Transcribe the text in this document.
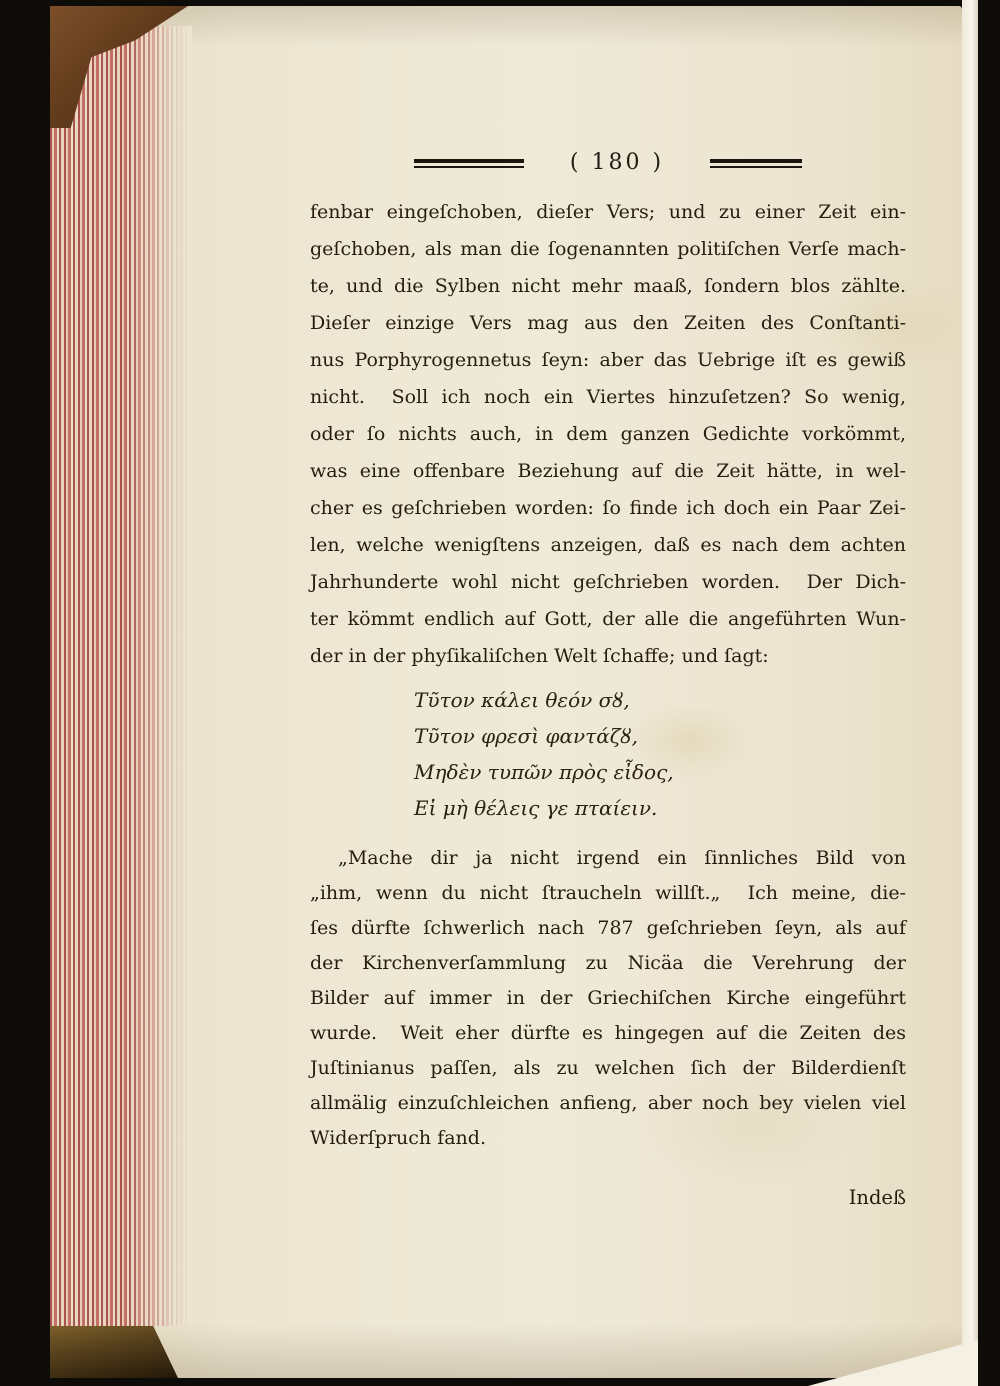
( 180 )
fenbar eingeſchoben, dieſer Vers; und zu einer Zeit ein-
geſchoben, als man die ſogenannten politiſchen Verſe mach-
te, und die Sylben nicht mehr maaß, ſondern blos zählte.
Dieſer einzige Vers mag aus den Zeiten des Conſtanti-
nus Porphyrogennetus ſeyn: aber das Uebrige iſt es gewiß
nicht.  Soll ich noch ein Viertes hinzuſetzen? So wenig,
oder ſo nichts auch, in dem ganzen Gedichte vorkömmt,
was eine offenbare Beziehung auf die Zeit hätte, in wel-
cher es geſchrieben worden: ſo finde ich doch ein Paar Zei-
len, welche wenigſtens anzeigen, daß es nach dem achten
Jahrhunderte wohl nicht geſchrieben worden.  Der Dich-
ter kömmt endlich auf Gott, der alle die angeführten Wun-
der in der phyſikaliſchen Welt ſchaffe; und ſagt:
Τῦτον κάλει θεόν σȣ,
Τῦτον φρεσὶ φαντάζȣ,
Μηδὲν τυπῶν πρὸς εἶδος,
Εἰ μὴ θέλεις γε πταίειν.
„Mache dir ja nicht irgend ein ſinnliches Bild von
„ihm, wenn du nicht ſtraucheln willſt.„  Ich meine, die-
ſes dürfte ſchwerlich nach 787 geſchrieben ſeyn, als auf
der Kirchenverſammlung zu Nicäa die Verehrung der
Bilder auf immer in der Griechiſchen Kirche eingeführt
wurde.  Weit eher dürfte es hingegen auf die Zeiten des
Juſtinianus paſſen, als zu welchen ſich der Bilderdienſt
allmälig einzuſchleichen anfieng, aber noch bey vielen viel
Widerſpruch fand.
Indeß
